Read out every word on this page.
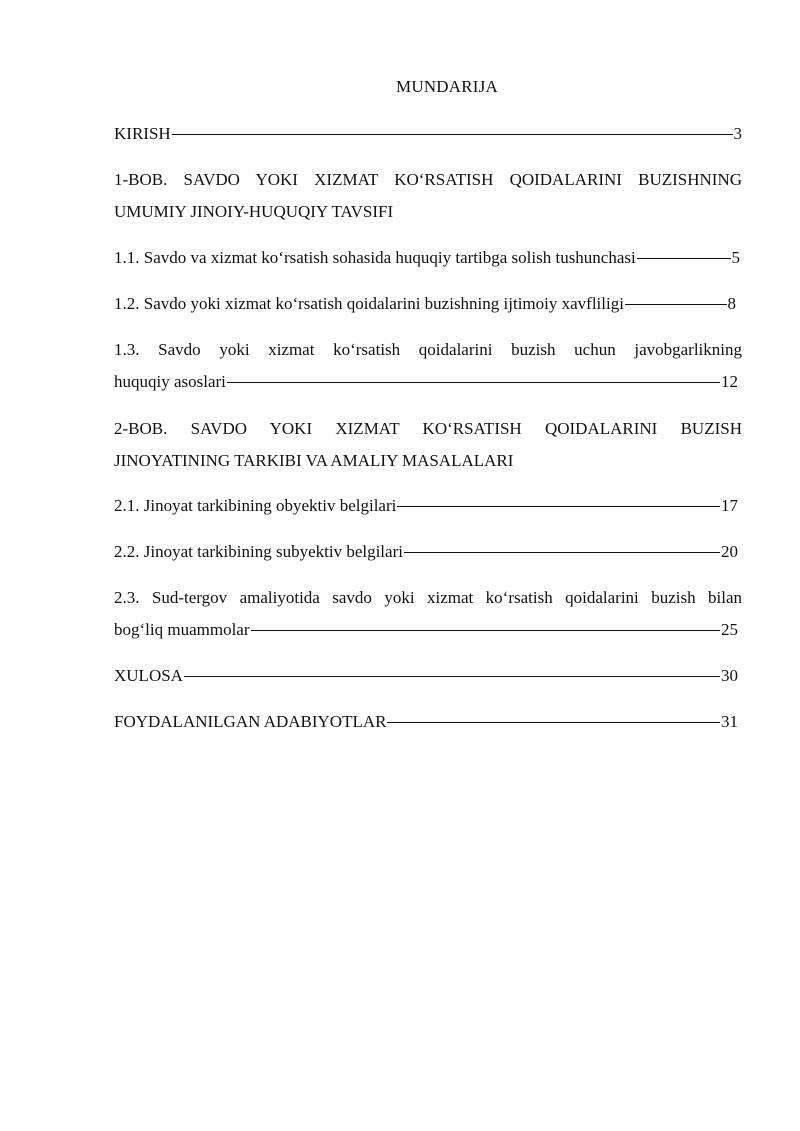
MUNDARIJA
KIRISH	3
1-BOB. SAVDO YOKI XIZMAT KO‘RSATISH QOIDALARINI BUZISHNING
UMUMIY JINOIY-HUQUQIY TAVSIFI
1.1. Savdo va xizmat ko‘rsatish sohasida huquqiy tartibga solish tushunchasi	5
1.2. Savdo yoki xizmat ko‘rsatish qoidalarini buzishning ijtimoiy xavfliligi	8
1.3. Savdo yoki xizmat ko‘rsatish qoidalarini buzish uchun javobgarlikning
huquqiy asoslari	12
2-BOB. SAVDO YOKI XIZMAT KO‘RSATISH QOIDALARINI BUZISH
JINOYATINING TARKIBI VA AMALIY MASALALARI
2.1. Jinoyat tarkibining obyektiv belgilari	17
2.2. Jinoyat tarkibining subyektiv belgilari	20
2.3. Sud-tergov amaliyotida savdo yoki xizmat ko‘rsatish qoidalarini buzish bilan
bog‘liq muammolar	25
XULOSA	30
FOYDALANILGAN ADABIYOTLAR	31
